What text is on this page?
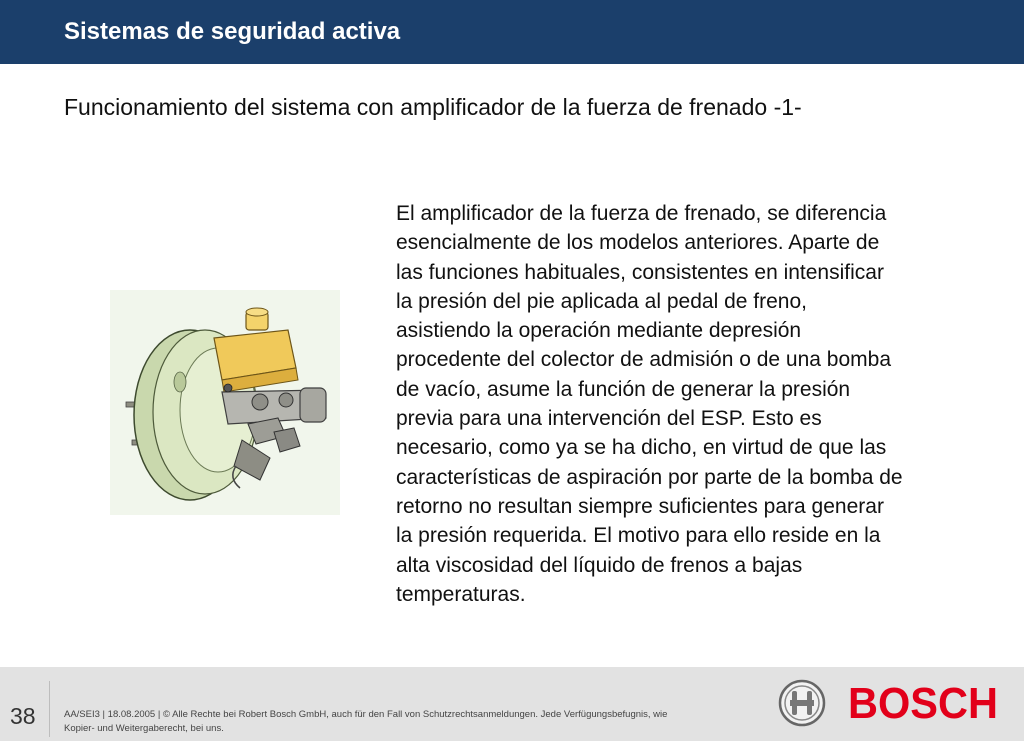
Sistemas de seguridad activa
Funcionamiento del sistema con amplificador de la fuerza de frenado -1-
El amplificador de la fuerza de frenado, se diferencia
esencialmente de los modelos anteriores. Aparte de
las funciones habituales, consistentes en intensificar
la presión del pie aplicada al pedal de freno,
asistiendo la operación mediante depresión
procedente del colector de admisión o de una bomba
de vacío, asume la función de generar la presión
previa para una intervención del ESP. Esto es
necesario, como ya se ha dicho, en virtud de que las
características de aspiración por parte de la bomba de
retorno no resultan siempre suficientes para generar
la presión requerida. El motivo para ello reside en la
alta viscosidad del líquido de frenos a bajas
temperaturas.
38	AA/SEI3 | 18.08.2005 | © Alle Rechte bei Robert Bosch GmbH, auch für den Fall von Schutzrechtsanmeldungen. Jede Verfügungsbefugnis, wie
Kopier- und Weitergaberecht, bei uns.
BOSCH
